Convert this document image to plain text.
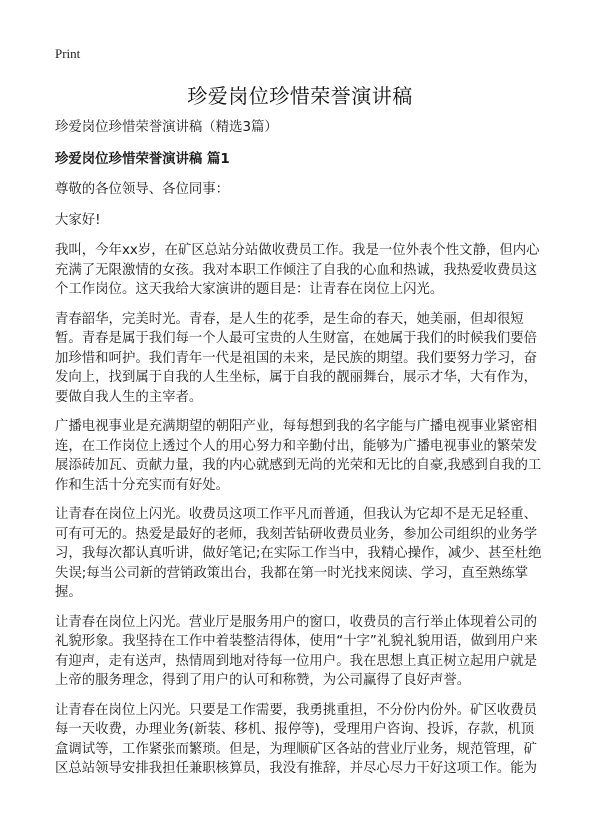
Print
珍爱岗位珍惜荣誉演讲稿

珍爱岗位珍惜荣誉演讲稿（精选3篇）

珍爱岗位珍惜荣誉演讲稿 篇1

尊敬的各位领导、各位同事：

大家好!

我叫，今年xx岁，在矿区总站分站做收费员工作。我是一位外表个性文静，但内心充满了无限激情的女孩。我对本职工作倾注了自我的心血和热诚，我热爱收费员这个工作岗位。这天我给大家演讲的题目是：让青春在岗位上闪光。

青春韶华，完美时光。青春，是人生的花季，是生命的春天，她美丽，但却很短暂。青春是属于我们每一个人最可宝贵的人生财富，在她属于我们的时候我们要倍加珍惜和呵护。我们青年一代是祖国的未来，是民族的期望。我们要努力学习，奋发向上，找到属于自我的人生坐标，属于自我的靓丽舞台，展示才华，大有作为，要做自我人生的主宰者。

广播电视事业是充满期望的朝阳产业，每每想到我的名字能与广播电视事业紧密相连，在工作岗位上透过个人的用心努力和辛勤付出，能够为广播电视事业的繁荣发展添砖加瓦、贡献力量，我的内心就感到无尚的光荣和无比的自豪,我感到自我的工作和生活十分充实而有好处。

让青春在岗位上闪光。收费员这项工作平凡而普通，但我认为它却不是无足轻重、可有可无的。热爱是最好的老师，我刻苦钻研收费员业务，参加公司组织的业务学习，我每次都认真听讲，做好笔记;在实际工作当中，我精心操作，减少、甚至杜绝失误;每当公司新的营销政策出台，我都在第一时光找来阅读、学习，直至熟练掌握。

让青春在岗位上闪光。营业厅是服务用户的窗口，收费员的言行举止体现着公司的礼貌形象。我坚持在工作中着装整洁得体，使用“十字”礼貌礼貌用语，做到用户来有迎声，走有送声，热情周到地对待每一位用户。我在思想上真正树立起用户就是上帝的服务理念，得到了用户的认可和称赞，为公司赢得了良好声誉。

让青春在岗位上闪光。只要是工作需要，我勇挑重担，不分份内份外。矿区收费员每一天收费，办理业务(新装、移机、报停等)，受理用户咨询、投诉，存款，机顶盒调试等，工作紧张而繁琐。但是，为理顺矿区各站的营业厅业务，规范管理，矿区总站领导安排我担任兼职核算员，我没有推辞，并尽心尽力干好这项工作。能为
